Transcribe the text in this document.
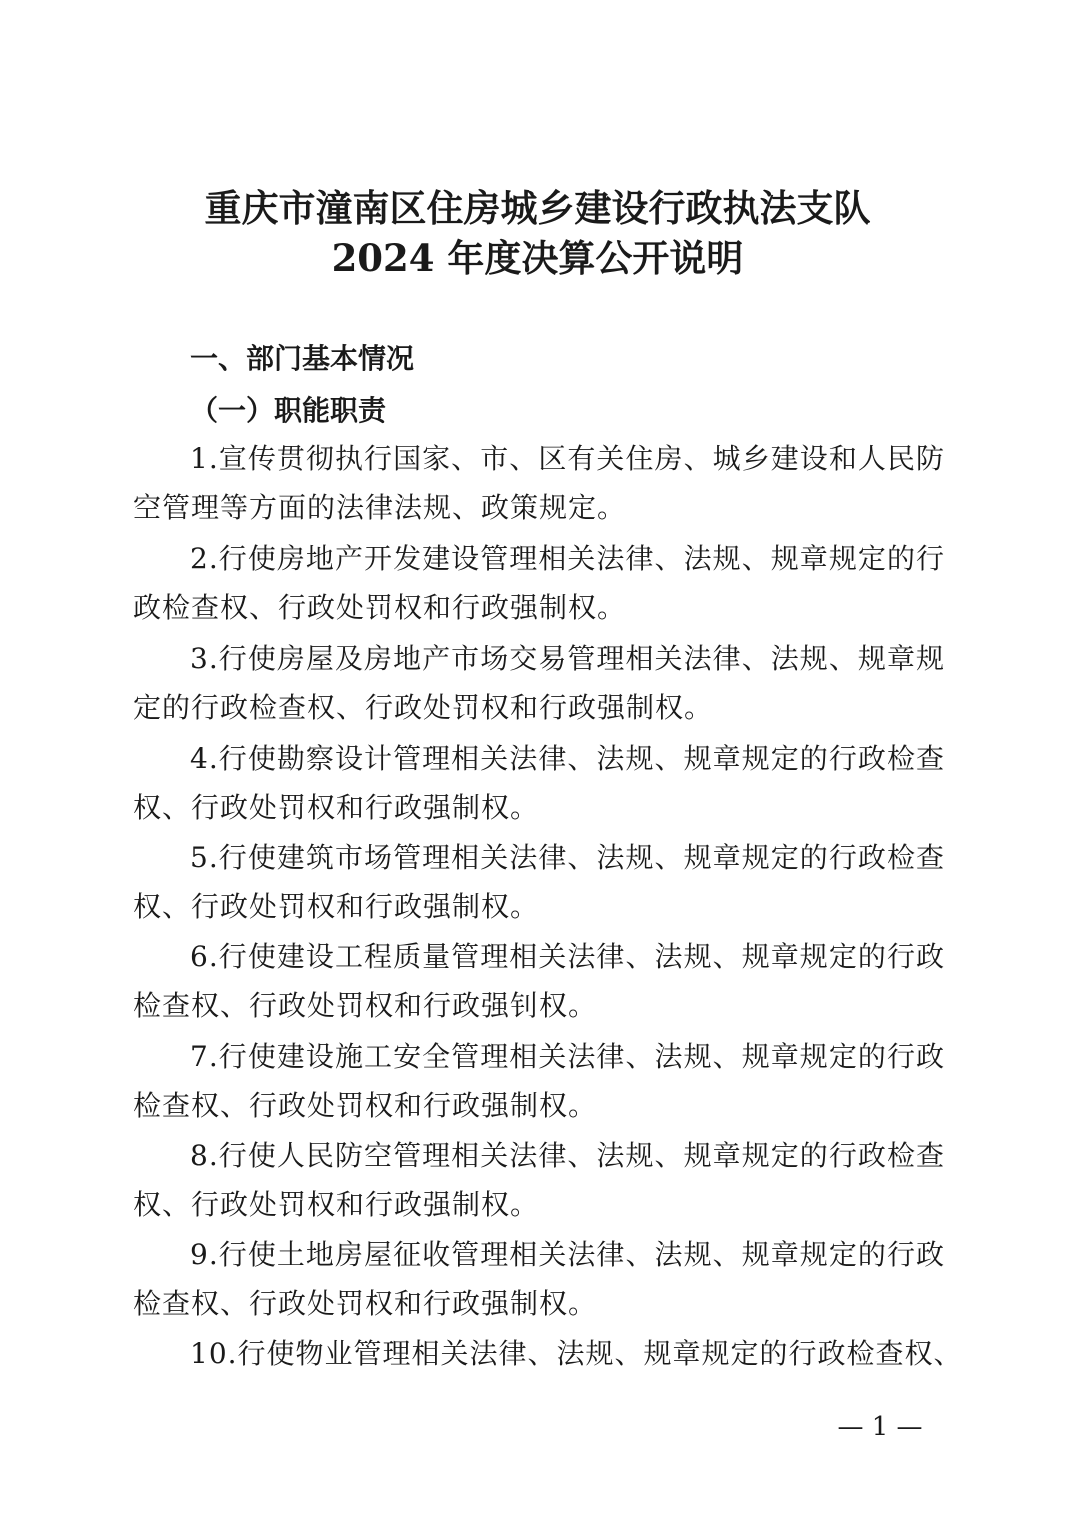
重庆市潼南区住房城乡建设行政执法支队
2024 年度决算公开说明
一、部门基本情况
（一）职能职责
1.宣传贯彻执行国家、市、区有关住房、城乡建设和人民防
空管理等方面的法律法规、政策规定。
2.行使房地产开发建设管理相关法律、法规、规章规定的行
政检查权、行政处罚权和行政强制权。
3.行使房屋及房地产市场交易管理相关法律、法规、规章规
定的行政检查权、行政处罚权和行政强制权。
4.行使勘察设计管理相关法律、法规、规章规定的行政检查
权、行政处罚权和行政强制权。
5.行使建筑市场管理相关法律、法规、规章规定的行政检查
权、行政处罚权和行政强制权。
6.行使建设工程质量管理相关法律、法规、规章规定的行政
检查权、行政处罚权和行政强钊权。
7.行使建设施工安全管理相关法律、法规、规章规定的行政
检查权、行政处罚权和行政强制权。
8.行使人民防空管理相关法律、法规、规章规定的行政检查
权、行政处罚权和行政强制权。
9.行使土地房屋征收管理相关法律、法规、规章规定的行政
检查权、行政处罚权和行政强制权。
10.行使物业管理相关法律、法规、规章规定的行政检查权、
— 1 —
